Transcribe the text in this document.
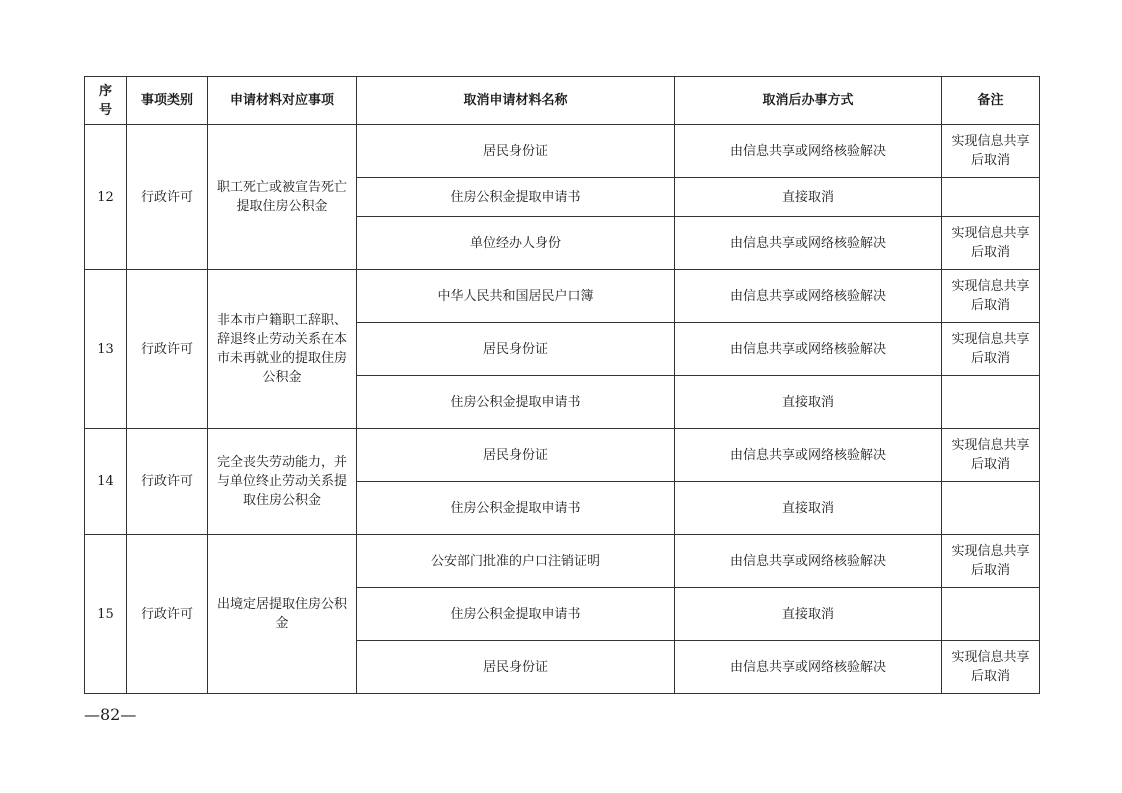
序号	事项类别	申请材料对应事项	取消申请材料名称	取消后办事方式	备注
12	行政许可	职工死亡或被宣告死亡提取住房公积金	居民身份证	由信息共享或网络核验解决	实现信息共享后取消
			住房公积金提取申请书	直接取消	
			单位经办人身份	由信息共享或网络核验解决	实现信息共享后取消
13	行政许可	非本市户籍职工辞职、辞退终止劳动关系在本市未再就业的提取住房公积金	中华人民共和国居民户口簿	由信息共享或网络核验解决	实现信息共享后取消
			居民身份证	由信息共享或网络核验解决	实现信息共享后取消
			住房公积金提取申请书	直接取消	
14	行政许可	完全丧失劳动能力，并与单位终止劳动关系提取住房公积金	居民身份证	由信息共享或网络核验解决	实现信息共享后取消
			住房公积金提取申请书	直接取消	
15	行政许可	出境定居提取住房公积金	公安部门批准的户口注销证明	由信息共享或网络核验解决	实现信息共享后取消
			住房公积金提取申请书	直接取消	
			居民身份证	由信息共享或网络核验解决	实现信息共享后取消
—82—
